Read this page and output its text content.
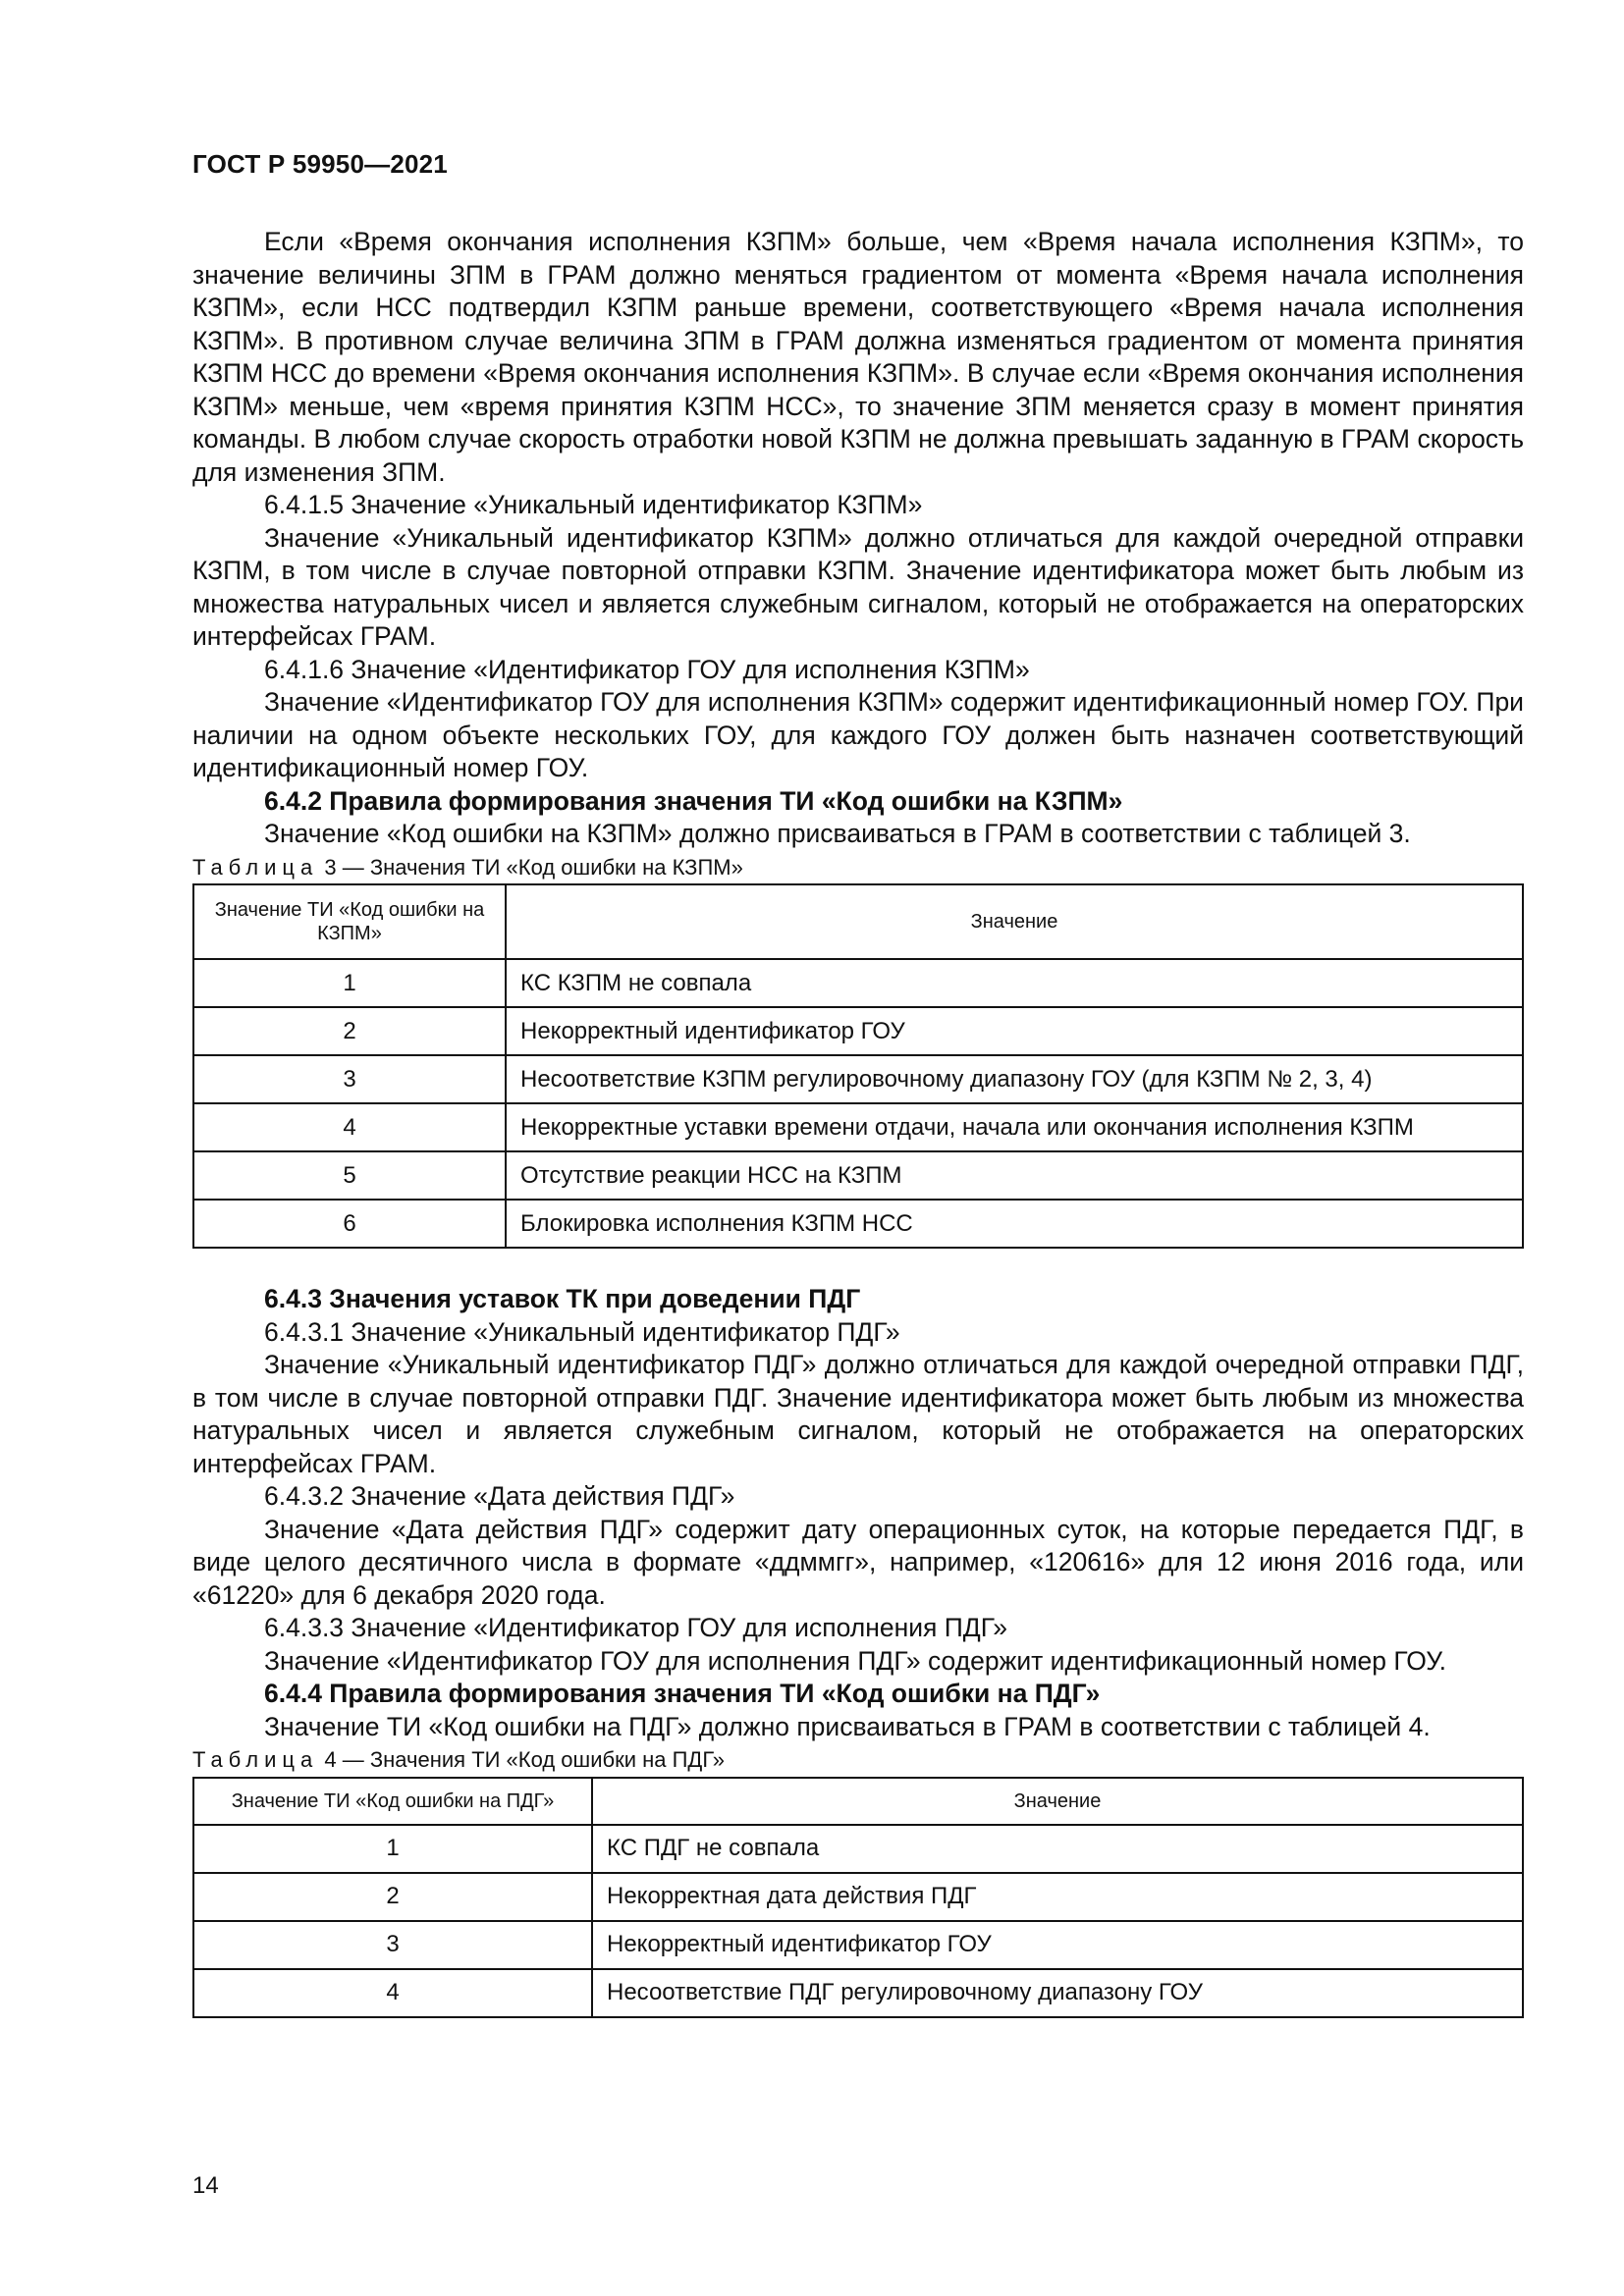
ГОСТ Р 59950—2021

Если «Время окончания исполнения КЗПМ» больше, чем «Время начала исполнения КЗПМ», то значение величины ЗПМ в ГРАМ должно меняться градиентом от момента «Время начала исполнения КЗПМ», если НСС подтвердил КЗПМ раньше времени, соответствующего «Время начала исполнения КЗПМ». В противном случае величина ЗПМ в ГРАМ должна изменяться градиентом от момента принятия КЗПМ НСС до времени «Время окончания исполнения КЗПМ». В случае если «Время окончания исполнения КЗПМ» меньше, чем «время принятия КЗПМ НСС», то значение ЗПМ меняется сразу в момент принятия команды. В любом случае скорость отработки новой КЗПМ не должна превышать заданную в ГРАМ скорость для изменения ЗПМ.

6.4.1.5 Значение «Уникальный идентификатор КЗПМ»

Значение «Уникальный идентификатор КЗПМ» должно отличаться для каждой очередной отправки КЗПМ, в том числе в случае повторной отправки КЗПМ. Значение идентификатора может быть любым из множества натуральных чисел и является служебным сигналом, который не отображается на операторских интерфейсах ГРАМ.

6.4.1.6 Значение «Идентификатор ГОУ для исполнения КЗПМ»

Значение «Идентификатор ГОУ для исполнения КЗПМ» содержит идентификационный номер ГОУ. При наличии на одном объекте нескольких ГОУ, для каждого ГОУ должен быть назначен соответствующий идентификационный номер ГОУ.

6.4.2 Правила формирования значения ТИ «Код ошибки на КЗПМ»

Значение «Код ошибки на КЗПМ» должно присваиваться в ГРАМ в соответствии с таблицей 3.

Таблица 3 — Значения ТИ «Код ошибки на КЗПМ»

Значение ТИ «Код ошибки на КЗПМ»	Значение
1	КС КЗПМ не совпала
2	Некорректный идентификатор ГОУ
3	Несоответствие КЗПМ регулировочному диапазону ГОУ (для КЗПМ № 2, 3, 4)
4	Некорректные уставки времени отдачи, начала или окончания исполнения КЗПМ
5	Отсутствие реакции НСС на КЗПМ
6	Блокировка исполнения КЗПМ НСС

6.4.3 Значения уставок ТК при доведении ПДГ

6.4.3.1 Значение «Уникальный идентификатор ПДГ»

Значение «Уникальный идентификатор ПДГ» должно отличаться для каждой очередной отправки ПДГ, в том числе в случае повторной отправки ПДГ. Значение идентификатора может быть любым из множества натуральных чисел и является служебным сигналом, который не отображается на операторских интерфейсах ГРАМ.

6.4.3.2 Значение «Дата действия ПДГ»

Значение «Дата действия ПДГ» содержит дату операционных суток, на которые передается ПДГ, в виде целого десятичного числа в формате «ддммгг», например, «120616» для 12 июня 2016 года, или «61220» для 6 декабря 2020 года.

6.4.3.3 Значение «Идентификатор ГОУ для исполнения ПДГ»

Значение «Идентификатор ГОУ для исполнения ПДГ» содержит идентификационный номер ГОУ.

6.4.4 Правила формирования значения ТИ «Код ошибки на ПДГ»

Значение ТИ «Код ошибки на ПДГ» должно присваиваться в ГРАМ в соответствии с таблицей 4.

Таблица 4 — Значения ТИ «Код ошибки на ПДГ»

Значение ТИ «Код ошибки на ПДГ»	Значение
1	КС ПДГ не совпала
2	Некорректная дата действия ПДГ
3	Некорректный идентификатор ГОУ
4	Несоответствие ПДГ регулировочному диапазону ГОУ
14
